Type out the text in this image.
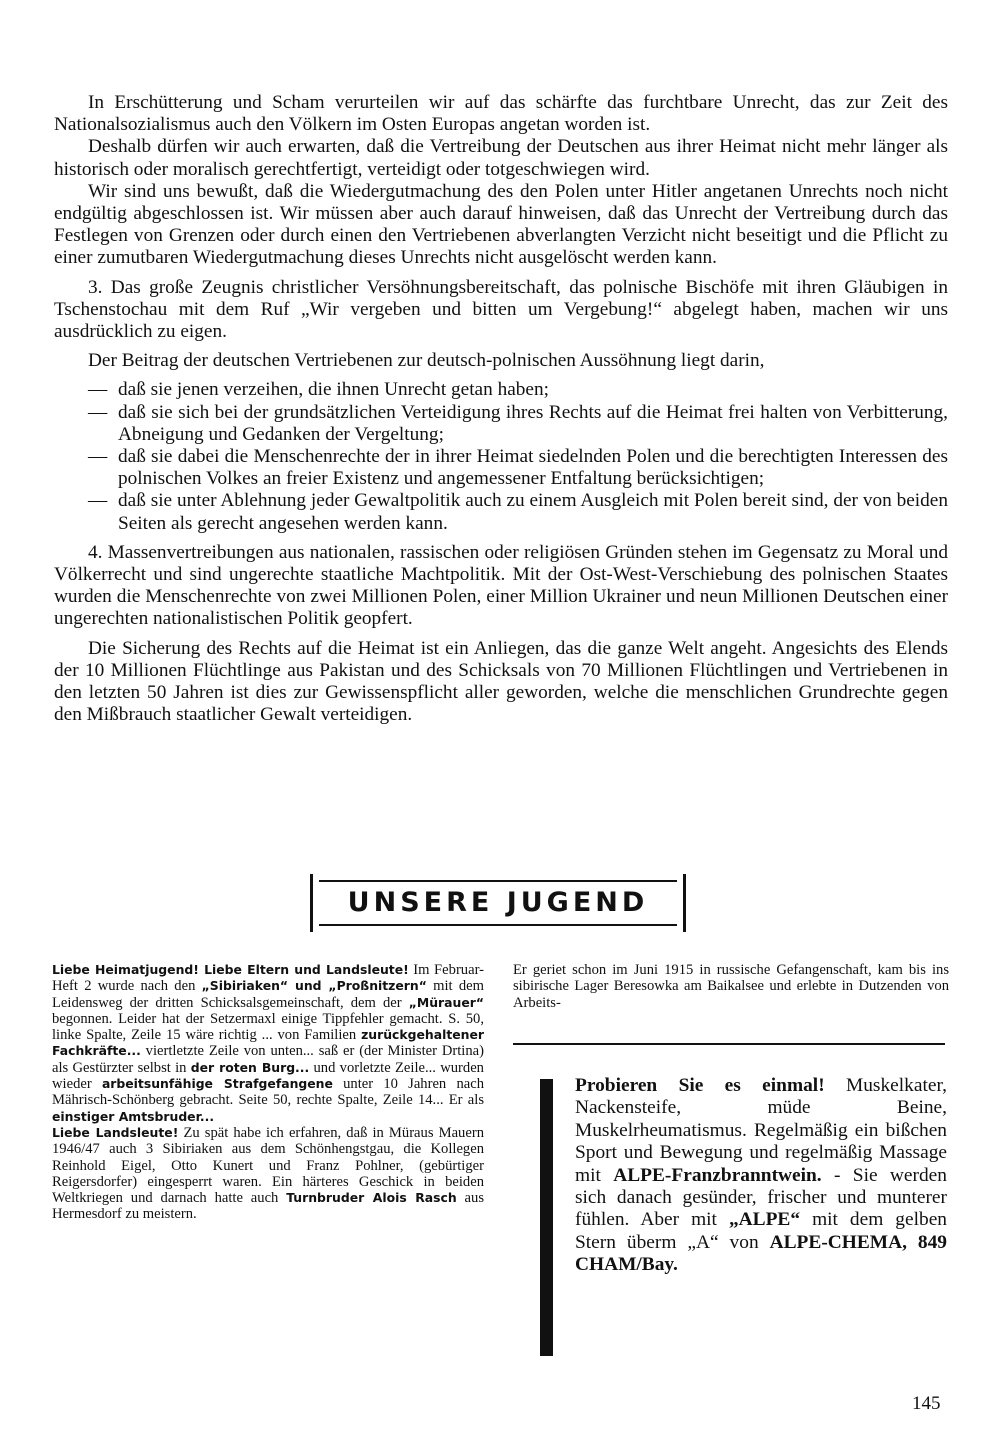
In Erschütterung und Scham verurteilen wir auf das schärfte das furchtbare Unrecht, das zur Zeit des Nationalsozialismus auch den Völkern im Osten Europas angetan worden ist.

Deshalb dürfen wir auch erwarten, daß die Vertreibung der Deutschen aus ihrer Heimat nicht mehr länger als historisch oder moralisch gerechtfertigt, verteidigt oder totgeschwiegen wird.

Wir sind uns bewußt, daß die Wiedergutmachung des den Polen unter Hitler angetanen Unrechts noch nicht endgültig abgeschlossen ist. Wir müssen aber auch darauf hinweisen, daß das Unrecht der Vertreibung durch das Festlegen von Grenzen oder durch einen den Vertriebenen abverlangten Verzicht nicht beseitigt und die Pflicht zu einer zumutbaren Wiedergutmachung dieses Unrechts nicht ausgelöscht werden kann.

3. Das große Zeugnis christlicher Versöhnungsbereitschaft, das polnische Bischöfe mit ihren Gläubigen in Tschenstochau mit dem Ruf „Wir vergeben und bitten um Vergebung!“ abgelegt haben, machen wir uns ausdrücklich zu eigen.

Der Beitrag der deutschen Vertriebenen zur deutsch-polnischen Aussöhnung liegt darin,

— daß sie jenen verzeihen, die ihnen Unrecht getan haben;

— daß sie sich bei der grundsätzlichen Verteidigung ihres Rechts auf die Heimat frei halten von Verbitterung, Abneigung und Gedanken der Vergeltung;

— daß sie dabei die Menschenrechte der in ihrer Heimat siedelnden Polen und die berechtigten Interessen des polnischen Volkes an freier Existenz und angemessener Entfaltung berücksichtigen;

— daß sie unter Ablehnung jeder Gewaltpolitik auch zu einem Ausgleich mit Polen bereit sind, der von beiden Seiten als gerecht angesehen werden kann.

4. Massenvertreibungen aus nationalen, rassischen oder religiösen Gründen stehen im Gegensatz zu Moral und Völkerrecht und sind ungerechte staatliche Machtpolitik. Mit der Ost-West-Verschiebung des polnischen Staates wurden die Menschenrechte von zwei Millionen Polen, einer Million Ukrainer und neun Millionen Deutschen einer ungerechten nationalistischen Politik geopfert.

Die Sicherung des Rechts auf die Heimat ist ein Anliegen, das die ganze Welt angeht. Angesichts des Elends der 10 Millionen Flüchtlinge aus Pakistan und des Schicksals von 70 Millionen Flüchtlingen und Vertriebenen in den letzten 50 Jahren ist dies zur Gewissenspflicht aller geworden, welche die menschlichen Grundrechte gegen den Mißbrauch staatlicher Gewalt verteidigen.

UNSERE JUGEND

Liebe Heimatjugend! Liebe Eltern und Landsleute! Im Februar-Heft 2 wurde nach den „Sibiriaken“ und „Proßnitzern“ mit dem Leidensweg der dritten Schicksalsgemeinschaft, dem der „Mürauer“ begonnen. Leider hat der Setzermaxl einige Tippfehler gemacht. S. 50, linke Spalte, Zeile 15 wäre richtig ... von Familien zurückgehaltener Fachkräfte... viertletzte Zeile von unten... saß er (der Minister Drtina) als Gestürzter selbst in der roten Burg... und vorletzte Zeile... wurden wieder arbeitsunfähige Strafgefangene unter 10 Jahren nach Mährisch-Schönberg gebracht. Seite 50, rechte Spalte, Zeile 14... Er als einstiger Amtsbruder...

Liebe Landsleute! Zu spät habe ich erfahren, daß in Müraus Mauern 1946/47 auch 3 Sibiriaken aus dem Schönhengstgau, die Kollegen Reinhold Eigel, Otto Kunert und Franz Pohlner, (gebürtiger Reigersdorfer) eingesperrt waren. Ein härteres Geschick in beiden Weltkriegen und darnach hatte auch Turnbruder Alois Rasch aus Hermesdorf zu meistern.

Er geriet schon im Juni 1915 in russische Gefangenschaft, kam bis ins sibirische Lager Beresowka am Baikalsee und erlebte in Dutzenden von Arbeits-

Probieren Sie es einmal! Muskelkater, Nackensteife, müde Beine, Muskelrheumatismus. Regelmäßig ein bißchen Sport und Bewegung und regelmäßig Massage mit ALPE-Franzbranntwein. - Sie werden sich danach gesünder, frischer und munterer fühlen. Aber mit „ALPE“ mit dem gelben Stern überm „A“ von ALPE-CHEMA, 849 CHAM/Bay.
145
